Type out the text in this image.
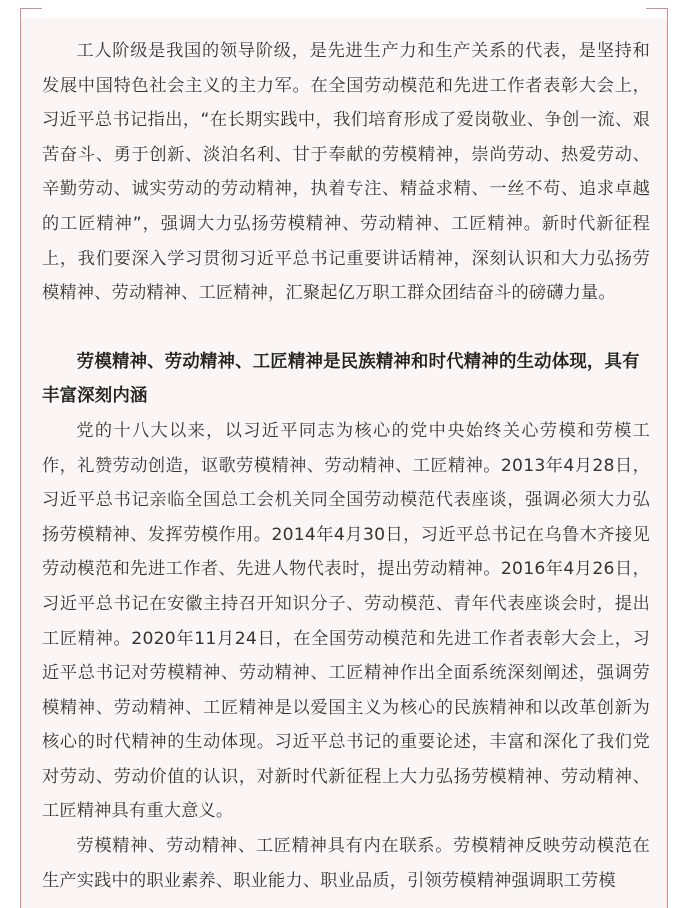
工人阶级是我国的领导阶级，是先进生产力和生产关系的代表，是坚持和发展中国特色社会主义的主力军。在全国劳动模范和先进工作者表彰大会上，习近平总书记指出，“在长期实践中，我们培育形成了爱岗敬业、争创一流、艰苦奋斗、勇于创新、淡泊名利、甘于奉献的劳模精神，崇尚劳动、热爱劳动、辛勤劳动、诚实劳动的劳动精神，执着专注、精益求精、一丝不苟、追求卓越的工匠精神”，强调大力弘扬劳模精神、劳动精神、工匠精神。新时代新征程上，我们要深入学习贯彻习近平总书记重要讲话精神，深刻认识和大力弘扬劳模精神、劳动精神、工匠精神，汇聚起亿万职工群众团结奋斗的磅礴力量。

劳模精神、劳动精神、工匠精神是民族精神和时代精神的生动体现，具有丰富深刻内涵

党的十八大以来，以习近平同志为核心的党中央始终关心劳模和劳模工作，礼赞劳动创造，讴歌劳模精神、劳动精神、工匠精神。2013年4月28日，习近平总书记亲临全国总工会机关同全国劳动模范代表座谈，强调必须大力弘扬劳模精神、发挥劳模作用。2014年4月30日，习近平总书记在乌鲁木齐接见劳动模范和先进工作者、先进人物代表时，提出劳动精神。2016年4月26日，习近平总书记在安徽主持召开知识分子、劳动模范、青年代表座谈会时，提出工匠精神。2020年11月24日，在全国劳动模范和先进工作者表彰大会上，习近平总书记对劳模精神、劳动精神、工匠精神作出全面系统深刻阐述，强调劳模精神、劳动精神、工匠精神是以爱国主义为核心的民族精神和以改革创新为核心的时代精神的生动体现。习近平总书记的重要论述，丰富和深化了我们党对劳动、劳动价值的认识，对新时代新征程上大力弘扬劳模精神、劳动精神、工匠精神具有重大意义。

劳模精神、劳动精神、工匠精神具有内在联系。劳模精神反映劳动模范在生产实践中的职业素养、职业能力、职业品质，引领劳模精神强调职工劳模
